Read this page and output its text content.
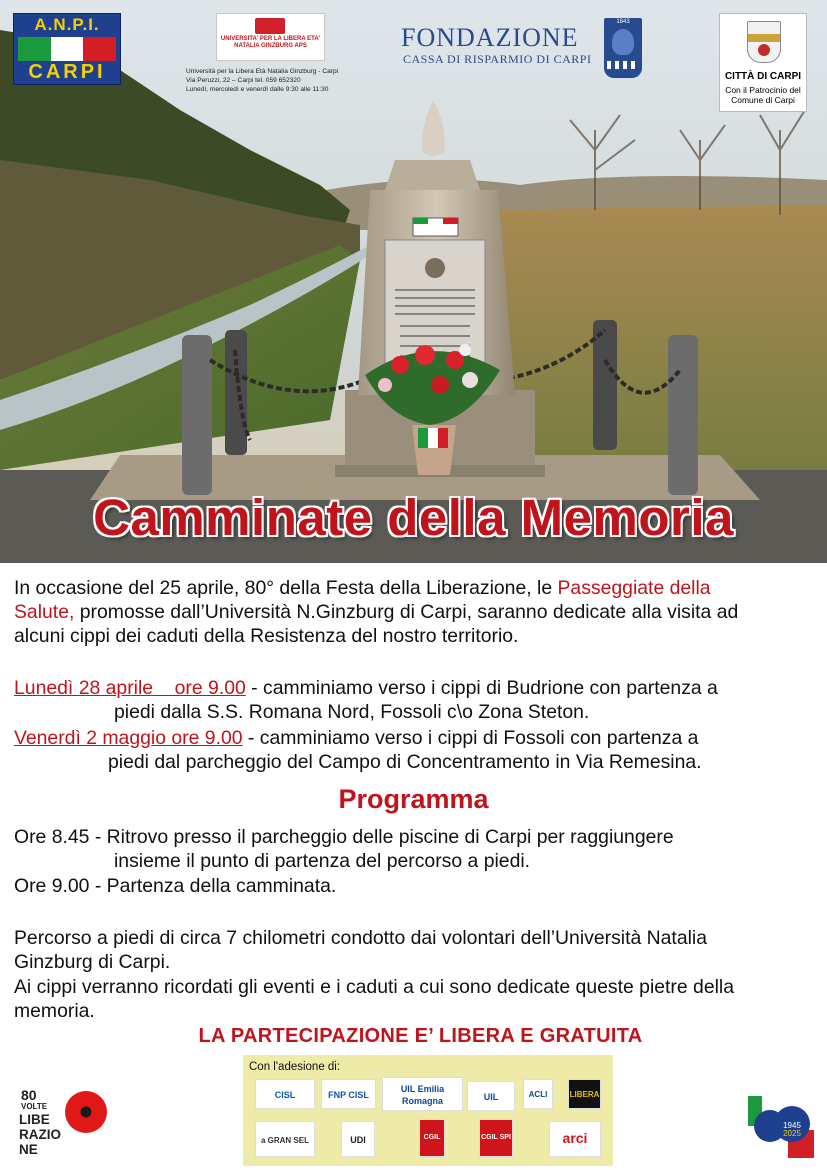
A.N.P.I.
CARPI
UNIVERSITA' PER LA LIBERA ETA' NATALIA GINZBURG APS
Università per la Libera Età Natalia Ginzburg - Carpi
Via Peruzzi, 22 – Carpi tel. 059 652320
Lunedì, mercoledì e venerdì dalle 9:30 alle 11:30
FONDAZIONE
CASSA DI RISPARMIO DI CARPI
1843
CITTÀ DI CARPI
Con il Patrocinio del Comune di Carpi
Camminate della Memoria
In occasione del 25 aprile, 80° della Festa della Liberazione, le Passeggiate della
Salute, promosse dall’Università N.Ginzburg di Carpi, saranno dedicate alla visita ad
alcuni cippi dei caduti della Resistenza del nostro territorio.
Lunedì 28 aprile    ore 9.00 - camminiamo verso i cippi di Budrione con partenza a
piedi dalla S.S. Romana Nord, Fossoli c\o Zona Steton.
Venerdì 2 maggio ore 9.00 - camminiamo verso i cippi di Fossoli con partenza a
piedi dal parcheggio del Campo di Concentramento in Via Remesina.
Programma
Ore 8.45 - Ritrovo presso il parcheggio delle piscine di Carpi per raggiungere
insieme il punto di partenza del percorso a piedi.
Ore 9.00 - Partenza della camminata.
Percorso a piedi di circa 7 chilometri condotto dai volontari dell’Università Natalia
Ginzburg di Carpi.
Ai cippi verranno ricordati gli eventi e i caduti a cui sono dedicate queste pietre della
memoria.
LA PARTECIPAZIONE E’ LIBERA E GRATUITA
80
VOLTE
LIBE RAZIO NE
Con l'adesione di:
CISL	FNP CISL
UIL Emilia Romagna	UIL	ACLI	LIBERA
a GRAN SEL	UDI	CGIL	CGIL SPI	arci
1945
2025
